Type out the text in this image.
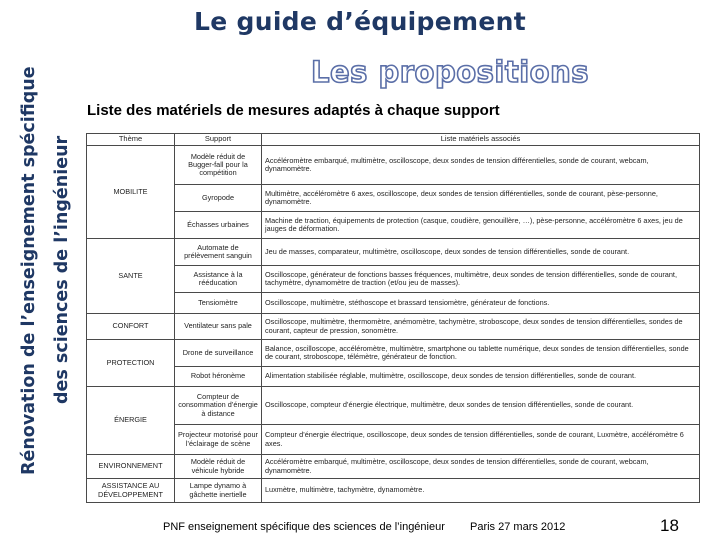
Rénovation de l’enseignement spécifique des sciences de l’ingénieur
Le guide d’équipement
Les propositions
Liste des matériels de mesures adaptés à chaque support
Thème	Support	Liste matériels associés
MOBILITE	Modèle réduit de Bugger-fall pour la compétition	Accéléromètre embarqué, multimètre, oscilloscope, deux sondes de tension différentielles, sonde de courant, webcam, dynamomètre.
	Gyropode	Multimètre, accéléromètre 6 axes, oscilloscope, deux sondes de tension différentielles, sonde de courant, pèse-personne, dynamomètre.
	Échasses urbaines	Machine de traction, équipements de protection (casque, coudière, genouillère, …), pèse-personne, accéléromètre 6 axes, jeu de jauges de déformation.
SANTE	Automate de prélèvement sanguin	Jeu de masses, comparateur, multimètre, oscilloscope, deux sondes de tension différentielles, sonde de courant.
	Assistance à la rééducation	Oscilloscope, générateur de fonctions basses fréquences, multimètre, deux sondes de tension différentielles, sonde de courant, tachymètre, dynamomètre de traction (et/ou jeu de masses).
	Tensiomètre	Oscilloscope, multimètre, stéthoscope et brassard tensiomètre, générateur de fonctions.
CONFORT	Ventilateur sans pale	Oscilloscope, multimètre, thermomètre, anémomètre, tachymètre, stroboscope, deux sondes de tension différentielles, sondes de courant, capteur de pression, sonomètre.
PROTECTION	Drone de surveillance	Balance, oscilloscope, accéléromètre, multimètre, smartphone ou tablette numérique, deux sondes de tension différentielles, sonde de courant, stroboscope, télémètre, générateur de fonction.
	Robot héronème	Alimentation stabilisée réglable, multimètre, oscilloscope, deux sondes de tension différentielles, sonde de courant.
ÉNERGIE	Compteur de consommation d’énergie à distance	Oscilloscope, compteur d’énergie électrique, multimètre, deux sondes de tension différentielles, sonde de courant.
	Projecteur motorisé pour l’éclairage de scène	Compteur d’énergie électrique, oscilloscope, deux sondes de tension différentielles, sonde de courant, Luxmètre, accéléromètre 6 axes.
ENVIRONNEMENT	Modèle réduit de véhicule hybride	Accéléromètre embarqué, multimètre, oscilloscope, deux sondes de tension différentielles, sonde de courant, webcam, dynamomètre.
ASSISTANCE AU DÉVELOPPEMENT	Lampe dynamo à gâchette inertielle	Luxmètre, multimètre, tachymètre, dynamomètre.
PNF enseignement spécifique des sciences de l’ingénieur Paris 27 mars 2012	18
